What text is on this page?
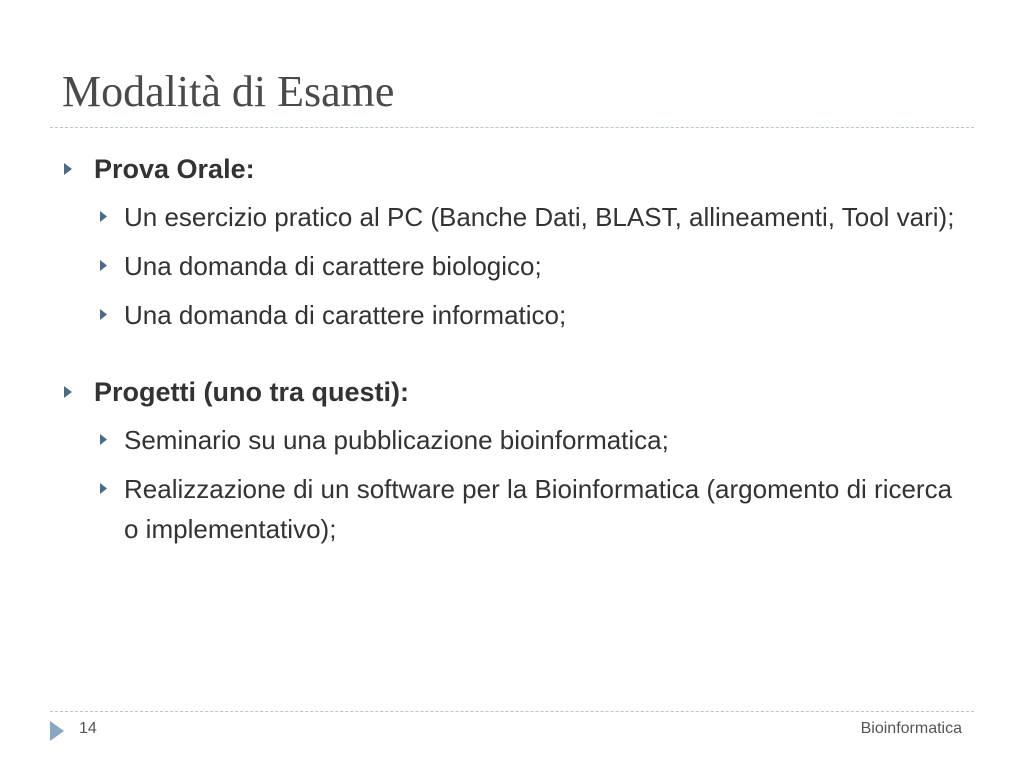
Modalità di Esame
Prova Orale:
Un esercizio pratico al PC (Banche Dati, BLAST, allineamenti, Tool vari);
Una domanda di carattere biologico;
Una domanda di carattere informatico;
Progetti (uno tra questi):
Seminario su una pubblicazione bioinformatica;
Realizzazione di un software per la Bioinformatica (argomento di ricerca o implementativo);
14	Bioinformatica
